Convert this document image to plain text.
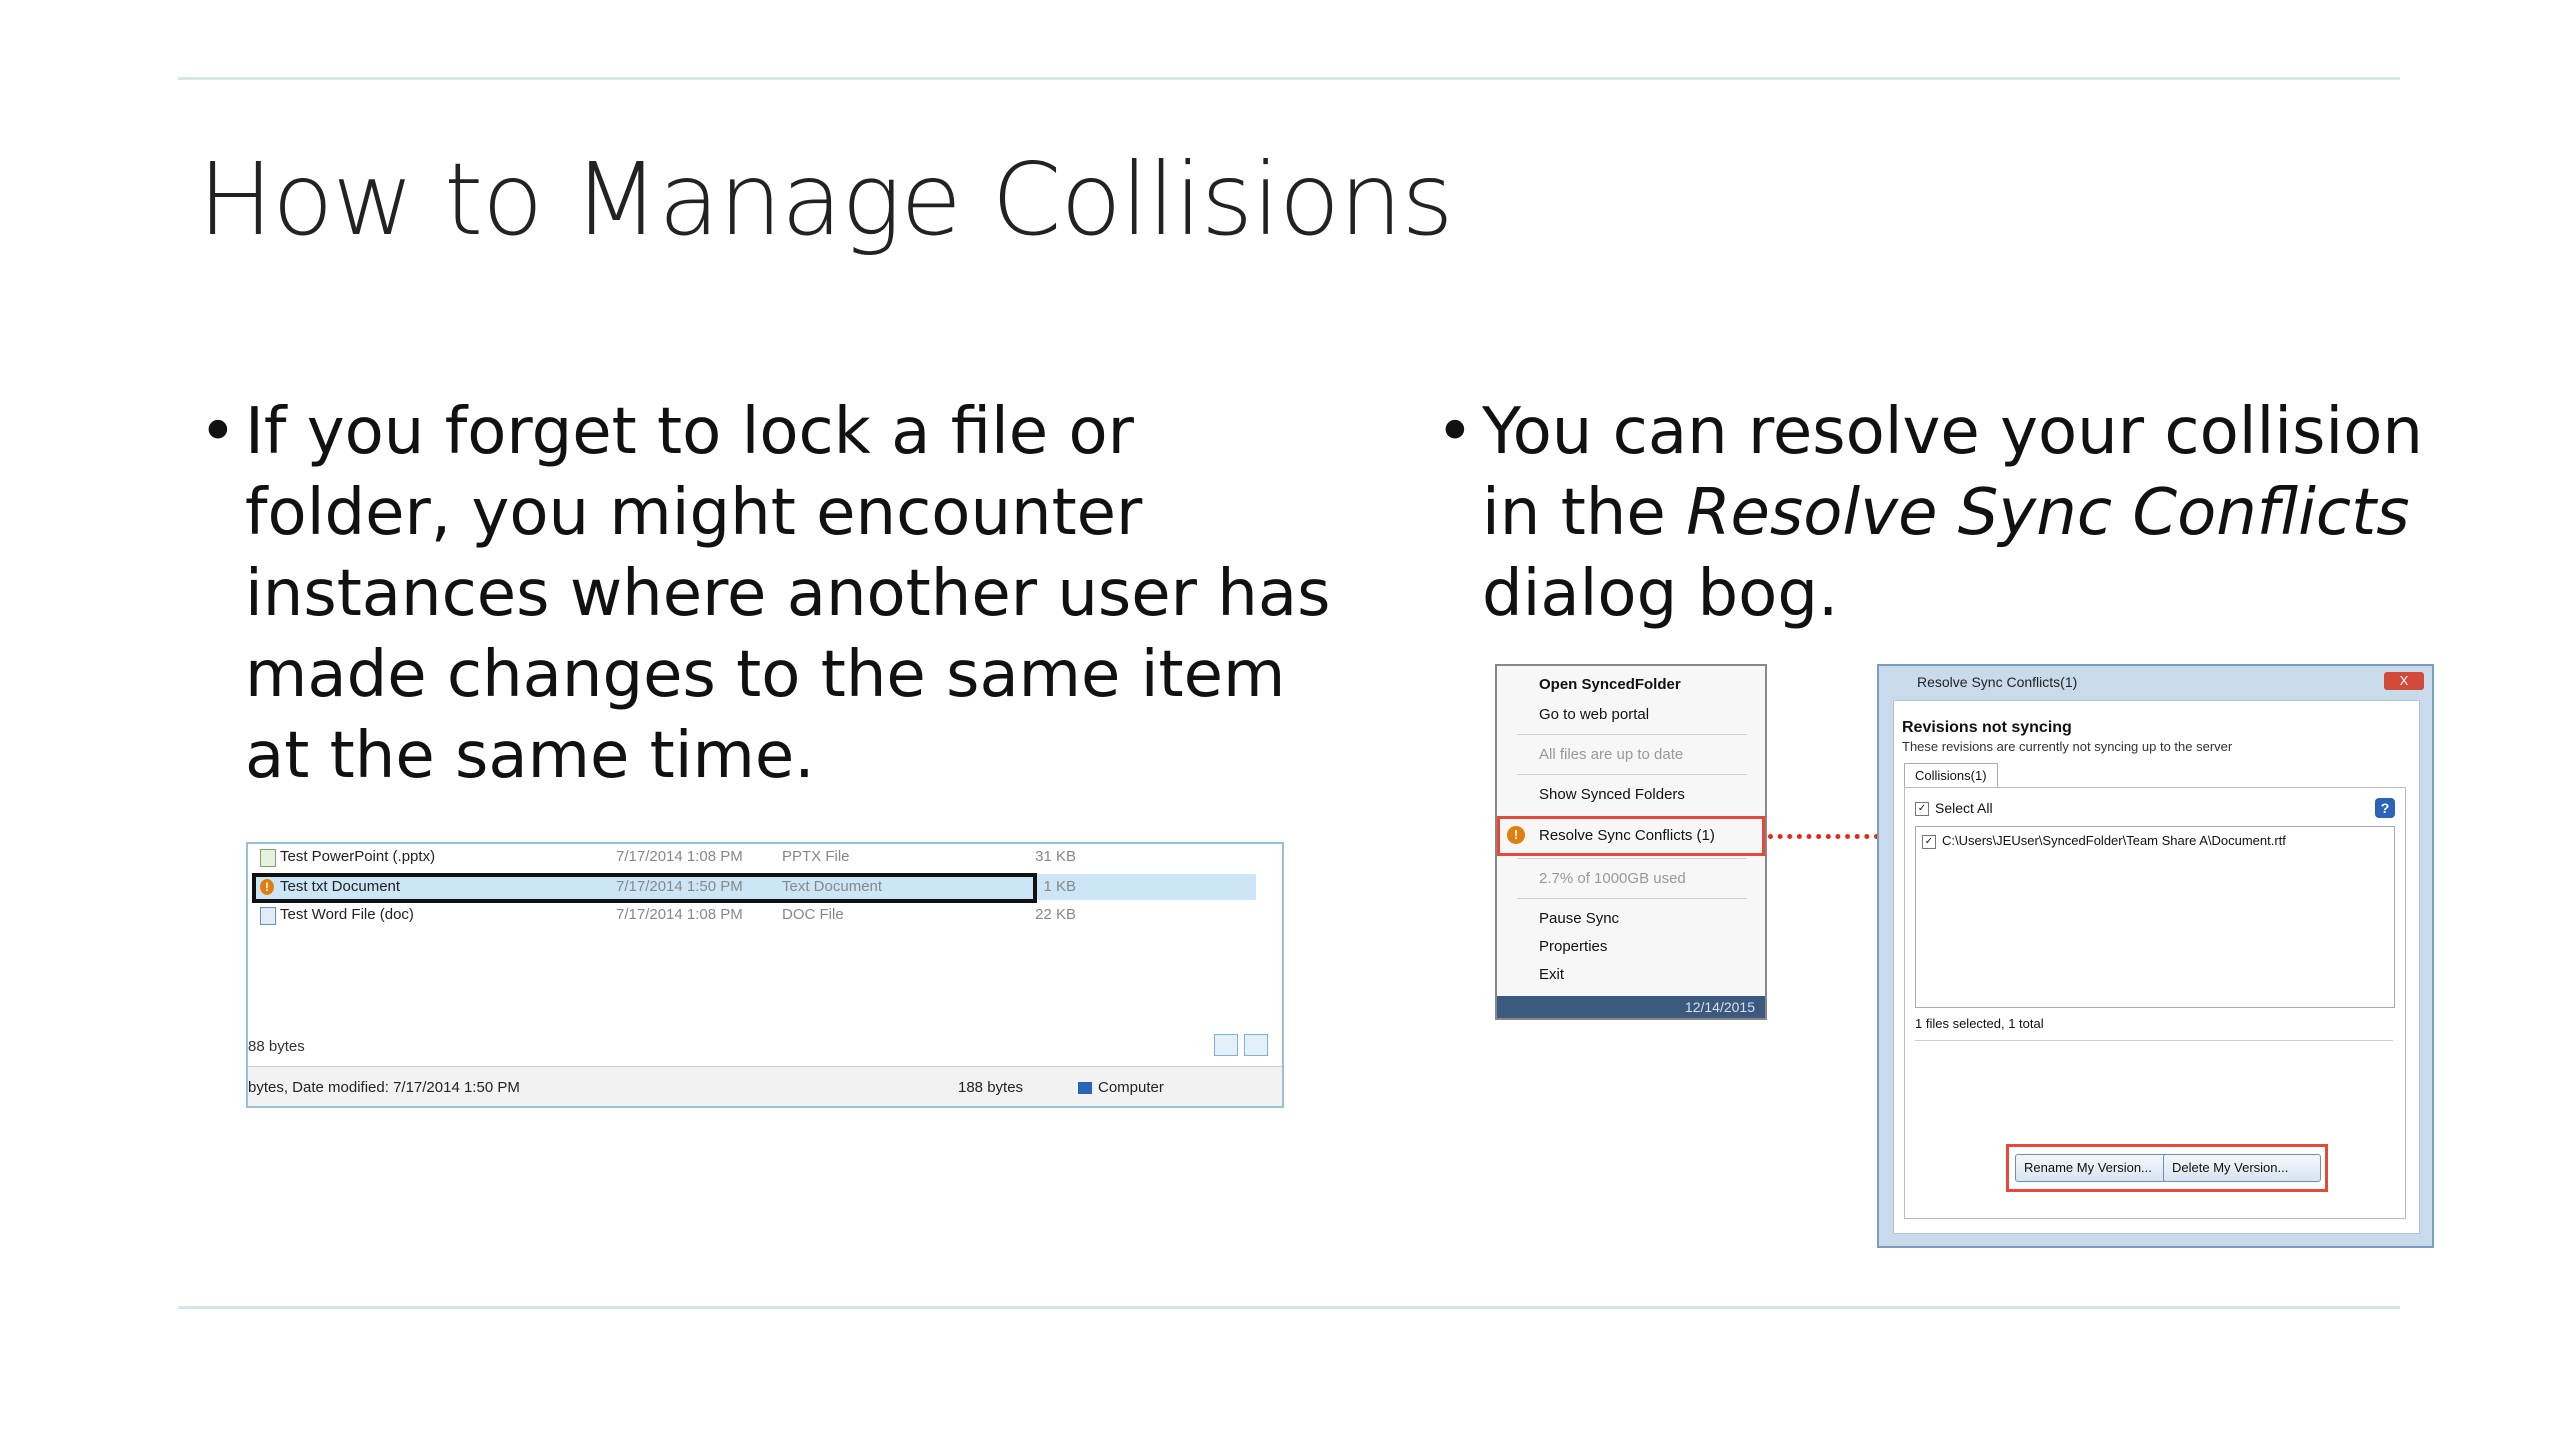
How to Manage Collisions
• If you forget to lock a file or folder, you might encounter instances where another user has made changes to the same item at the same time.
• You can resolve your collision in the Resolve Sync Conflicts dialog bog.
Test PowerPoint (.pptx)	7/17/2014 1:08 PM	PPTX File	31 KB
! Test txt Document	7/17/2014 1:50 PM	Text Document	1 KB
Test Word File (doc)	7/17/2014 1:08 PM	DOC File	22 KB
88 bytes
bytes, Date modified: 7/17/2014 1:50 PM	188 bytes	Computer
Open SyncedFolder
Go to web portal
All files are up to date
Show Synced Folders
!	Resolve Sync Conflicts (1)
2.7% of 1000GB used
Pause Sync
Properties
Exit
12/14/2015
Resolve Sync Conflicts(1)	X
Revisions not syncing
These revisions are currently not syncing up to the server
Collisions(1)
✓ Select All	?
✓ C:\Users\JEUser\SyncedFolder\Team Share A\Document.rtf
1 files selected, 1 total
Rename My Version...	Delete My Version...
